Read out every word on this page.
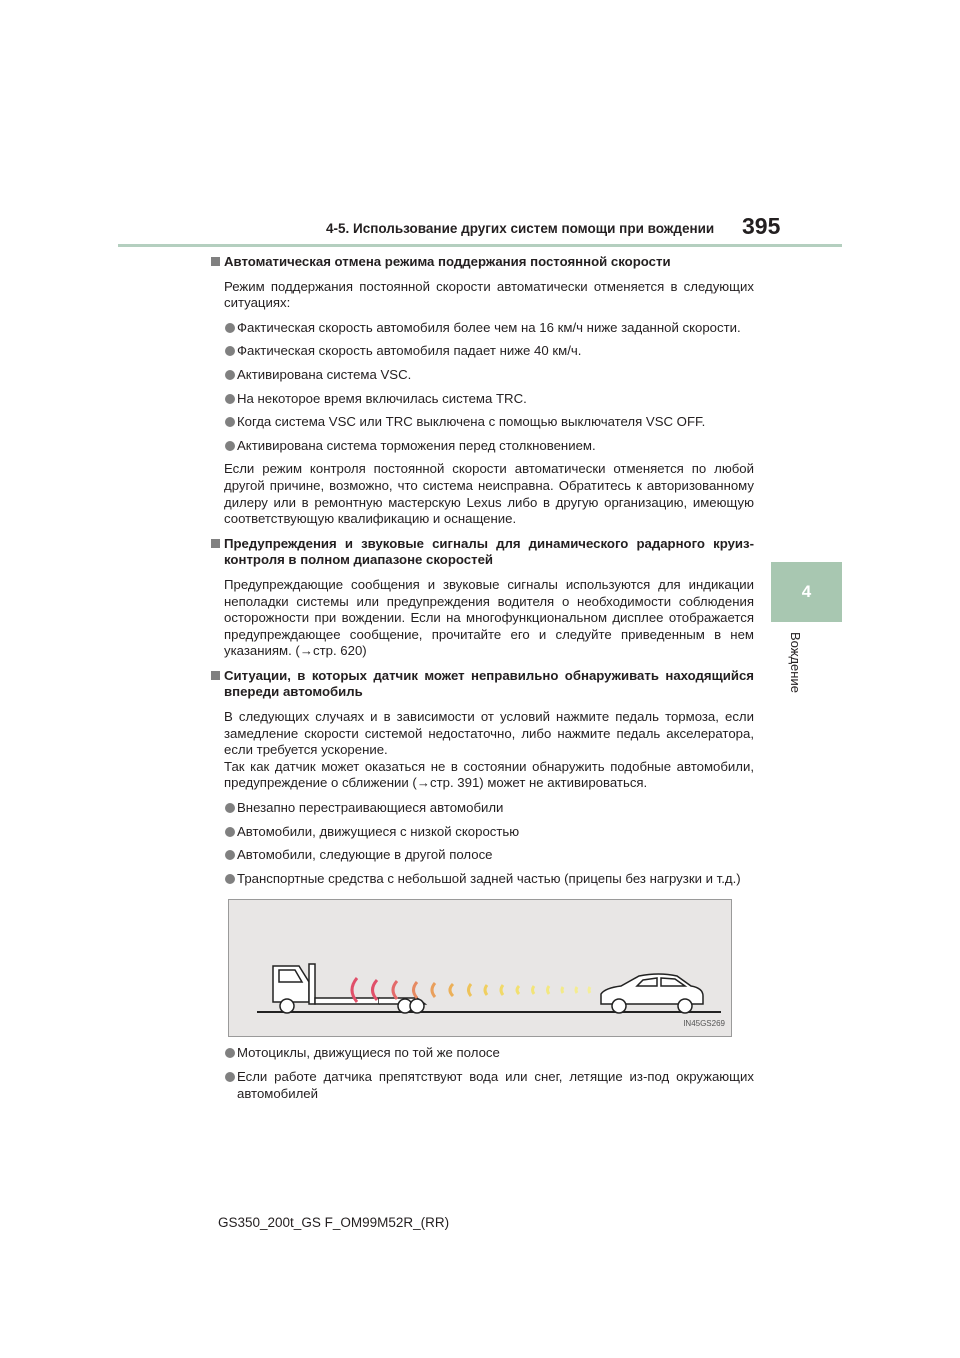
4-5. Использование других систем помощи при вождении 395
4
Вождение
Автоматическая отмена режима поддержания постоянной скорости
Режим поддержания постоянной скорости автоматически отменяется в следующих ситуациях:
Фактическая скорость автомобиля более чем на 16 км/ч ниже заданной скорости.
Фактическая скорость автомобиля падает ниже 40 км/ч.
Активирована система VSC.
На некоторое время включилась система TRC.
Когда система VSC или TRC выключена с помощью выключателя VSC OFF.
Активирована система торможения перед столкновением.
Если режим контроля постоянной скорости автоматически отменяется по любой другой причине, возможно, что система неисправна. Обратитесь к авторизованному дилеру или в ремонтную мастерскую Lexus либо в другую организацию, имеющую соответствующую квалификацию и оснащение.
Предупреждения и звуковые сигналы для динамического радарного круиз-контроля в полном диапазоне скоростей
Предупреждающие сообщения и звуковые сигналы используются для индикации неполадки системы или предупреждения водителя о необходимости соблюдения осторожности при вождении. Если на многофункциональном дисплее отображается предупреждающее сообщение, прочитайте его и следуйте приведенным в нем указаниям. (→стр. 620)
Ситуации, в которых датчик может неправильно обнаруживать находящийся впереди автомобиль
В следующих случаях и в зависимости от условий нажмите педаль тормоза, если замедление скорости системой недостаточно, либо нажмите педаль акселератора, если требуется ускорение.
Так как датчик может оказаться не в состоянии обнаружить подобные автомобили, предупреждение о сближении (→стр. 391) может не активироваться.
Внезапно перестраивающиеся автомобили
Автомобили, движущиеся с низкой скоростью
Автомобили, следующие в другой полосе
Транспортные средства с небольшой задней частью (прицепы без нагрузки и т.д.)
IN45GS269
Мотоциклы, движущиеся по той же полосе
Если работе датчика препятствуют вода или снег, летящие из-под окружающих автомобилей
GS350_200t_GS F_OM99M52R_(RR)
